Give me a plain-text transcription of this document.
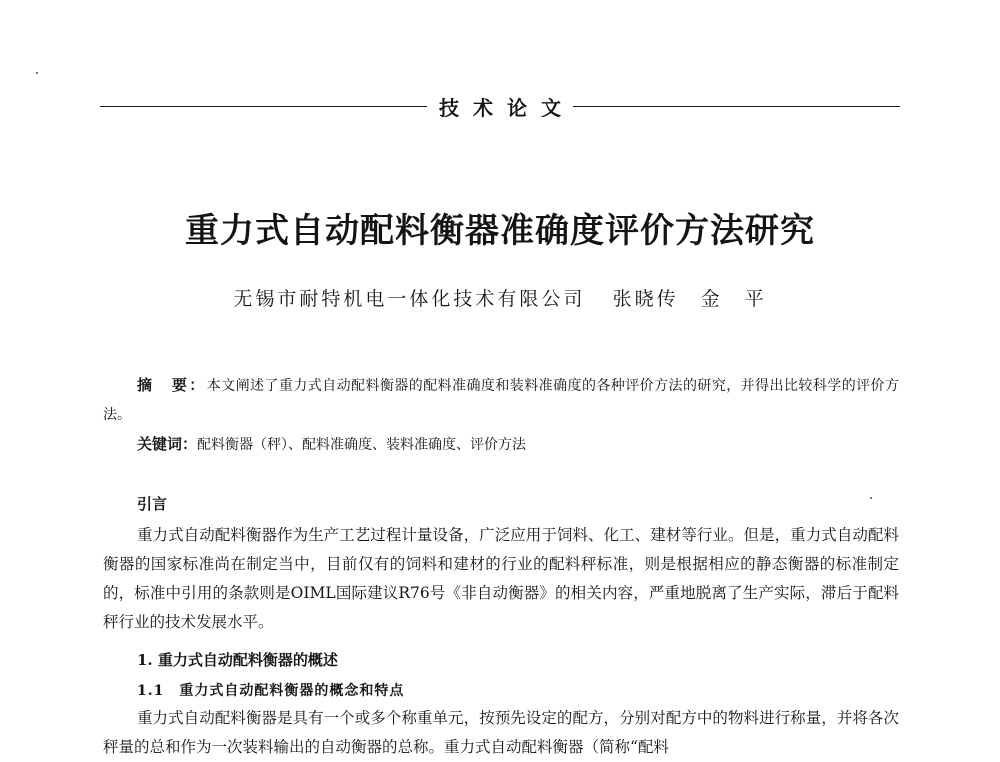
技术论文
重力式自动配料衡器准确度评价方法研究
无锡市耐特机电一体化技术有限公司 张晓传　金　平
摘　要：本文阐述了重力式自动配料衡器的配料准确度和装料准确度的各种评价方法的研究，并得出比较科学的评价方法。
关键词：配料衡器（秤）、配料准确度、装料准确度、评价方法
引言

重力式自动配料衡器作为生产工艺过程计量设备，广泛应用于饲料、化工、建材等行业。但是，重力式自动配料衡器的国家标准尚在制定当中，目前仅有的饲料和建材的行业的配料秤标准，则是根据相应的静态衡器的标准制定的，标准中引用的条款则是OIML国际建议R76号《非自动衡器》的相关内容，严重地脱离了生产实际，滞后于配料秤行业的技术发展水平。

1. 重力式自动配料衡器的概述
1.1　重力式自动配料衡器的概念和特点

重力式自动配料衡器是具有一个或多个称重单元，按预先设定的配方，分别对配方中的物料进行称量，并将各次秤量的总和作为一次装料输出的自动衡器的总称。重力式自动配料衡器（简称“配料
